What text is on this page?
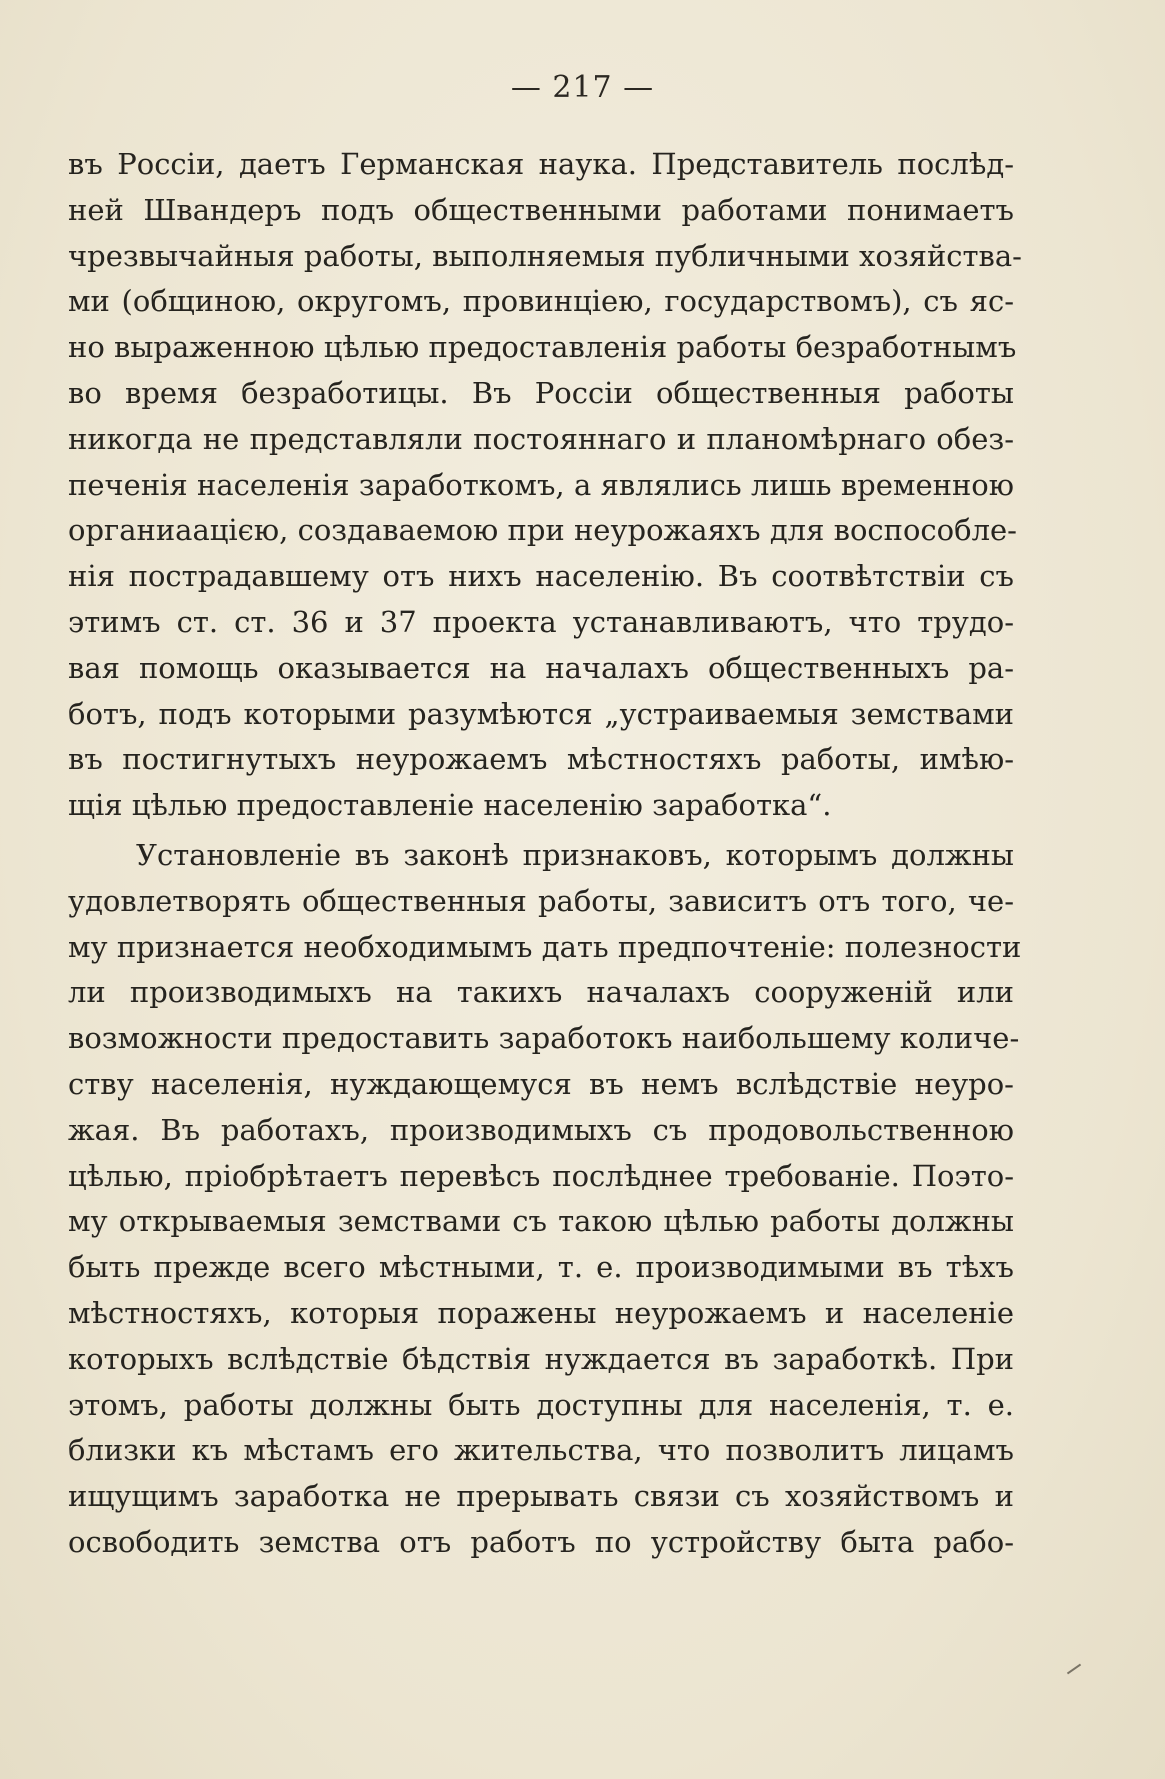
— 217 —
въ Россіи, даетъ Германская наука. Представитель послѣд-
ней Швандеръ подъ общественными работами понимаетъ
чрезвычайныя работы, выполняемыя публичными хозяйства-
ми (общиною, округомъ, провинціею, государствомъ), съ яс-
но выраженною цѣлью предоставленія работы безработнымъ
во время безработицы. Въ Россіи общественныя работы
никогда не представляли постояннаго и планомѣрнаго обез-
печенія населенія заработкомъ, а являлись лишь временною
органиаацією, создаваемою при неурожаяхъ для воспособле-
нія пострадавшему отъ нихъ населенію. Въ соотвѣтствіи съ
этимъ ст. ст. 36 и 37 проекта устанавливаютъ, что трудо-
вая помощь оказывается на началахъ общественныхъ ра-
ботъ, подъ которыми разумѣются „устраиваемыя земствами
въ постигнутыхъ неурожаемъ мѣстностяхъ работы, имѣю-
щія цѣлью предоставленіе населенію заработка“.
Установленіе въ законѣ признаковъ, которымъ должны
удовлетворять общественныя работы, зависитъ отъ того, че-
му признается необходимымъ дать предпочтеніе: полезности
ли производимыхъ на такихъ началахъ сооруженій или
возможности предоставить заработокъ наибольшему количе-
ству населенія, нуждающемуся въ немъ вслѣдствіе неуро-
жая. Въ работахъ, производимыхъ съ продовольственною
цѣлью, пріобрѣтаетъ перевѣсъ послѣднее требованіе. Поэто-
му открываемыя земствами съ такою цѣлью работы должны
быть прежде всего мѣстными, т. е. производимыми въ тѣхъ
мѣстностяхъ, которыя поражены неурожаемъ и населеніе
которыхъ вслѣдствіе бѣдствія нуждается въ заработкѣ. При
этомъ, работы должны быть доступны для населенія, т. е.
близки къ мѣстамъ его жительства, что позволитъ лицамъ
ищущимъ заработка не прерывать связи съ хозяйствомъ и
освободить земства отъ работъ по устройству быта рабо-
